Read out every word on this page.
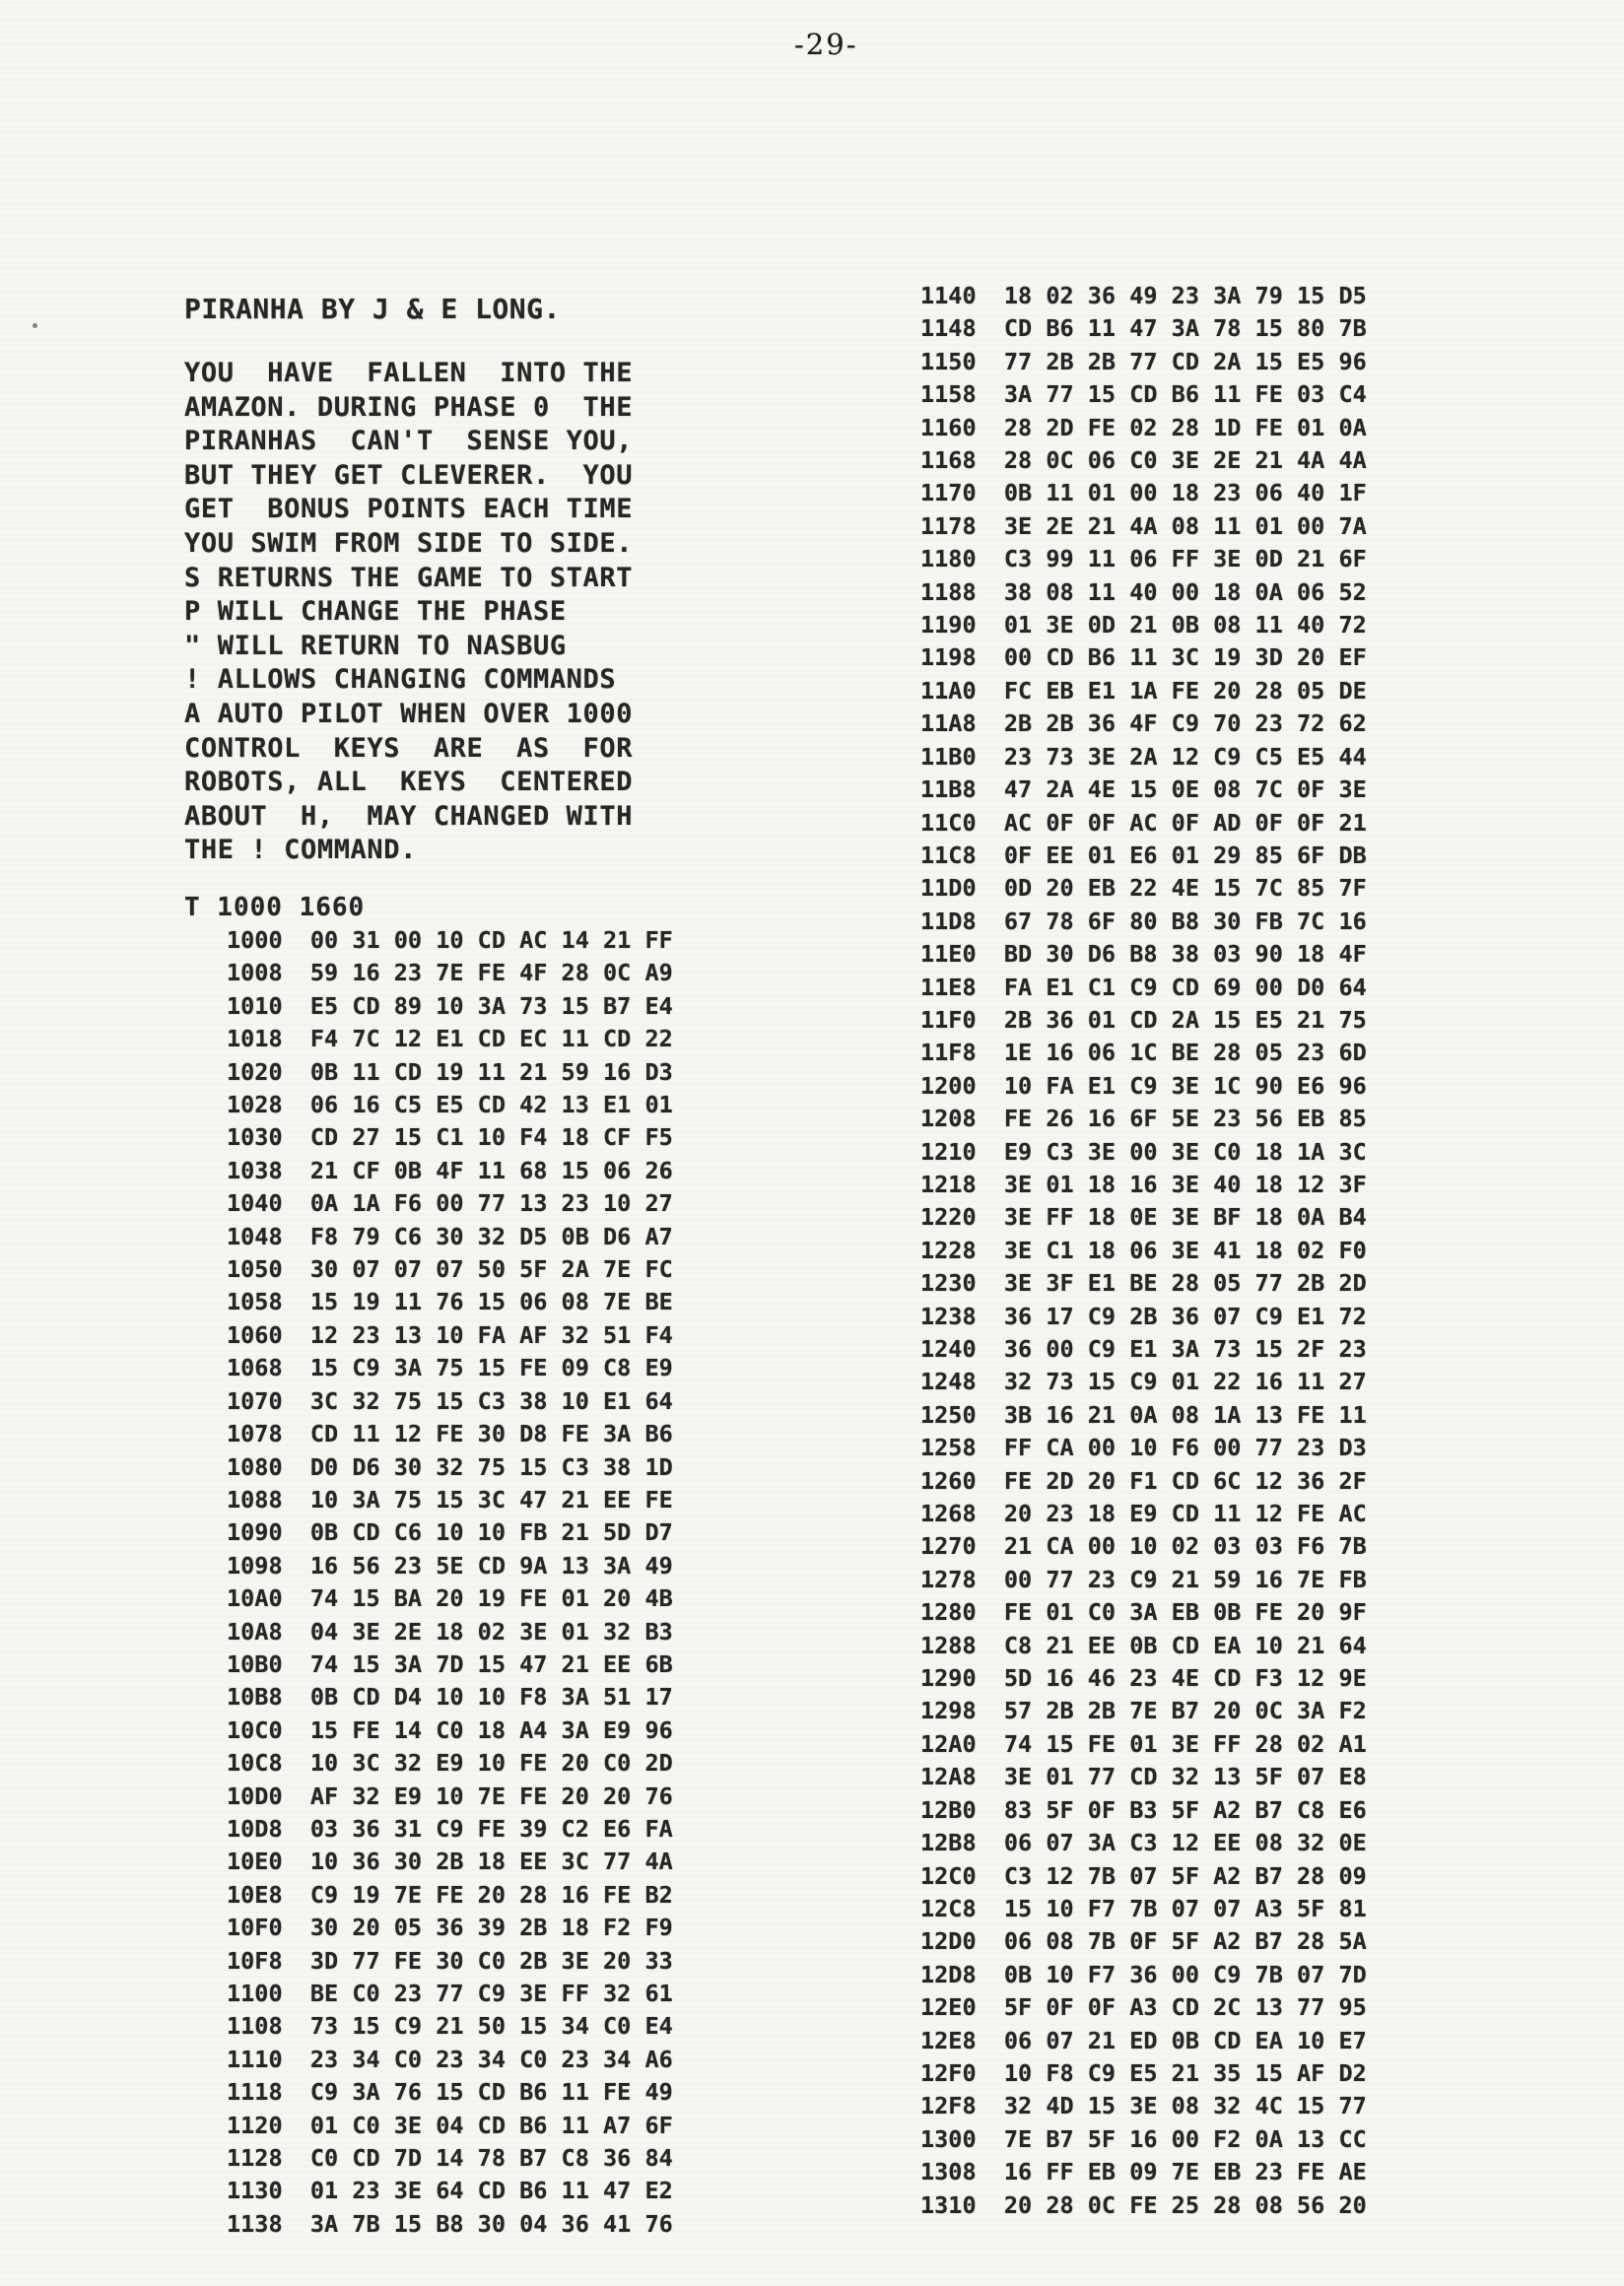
-29-
PIRANHA BY J & E LONG.
YOU  HAVE  FALLEN  INTO THE
AMAZON. DURING PHASE 0  THE
PIRANHAS  CAN'T  SENSE YOU,
BUT THEY GET CLEVERER.  YOU
GET  BONUS POINTS EACH TIME
YOU SWIM FROM SIDE TO SIDE.
S RETURNS THE GAME TO START
P WILL CHANGE THE PHASE
" WILL RETURN TO NASBUG
! ALLOWS CHANGING COMMANDS
A AUTO PILOT WHEN OVER 1000
CONTROL  KEYS  ARE  AS  FOR
ROBOTS, ALL  KEYS  CENTERED
ABOUT  H,  MAY CHANGED WITH
THE ! COMMAND.
T 1000 1660
1000  00 31 00 10 CD AC 14 21 FF
1008  59 16 23 7E FE 4F 28 0C A9
1010  E5 CD 89 10 3A 73 15 B7 E4
1018  F4 7C 12 E1 CD EC 11 CD 22
1020  0B 11 CD 19 11 21 59 16 D3
1028  06 16 C5 E5 CD 42 13 E1 01
1030  CD 27 15 C1 10 F4 18 CF F5
1038  21 CF 0B 4F 11 68 15 06 26
1040  0A 1A F6 00 77 13 23 10 27
1048  F8 79 C6 30 32 D5 0B D6 A7
1050  30 07 07 07 50 5F 2A 7E FC
1058  15 19 11 76 15 06 08 7E BE
1060  12 23 13 10 FA AF 32 51 F4
1068  15 C9 3A 75 15 FE 09 C8 E9
1070  3C 32 75 15 C3 38 10 E1 64
1078  CD 11 12 FE 30 D8 FE 3A B6
1080  D0 D6 30 32 75 15 C3 38 1D
1088  10 3A 75 15 3C 47 21 EE FE
1090  0B CD C6 10 10 FB 21 5D D7
1098  16 56 23 5E CD 9A 13 3A 49
10A0  74 15 BA 20 19 FE 01 20 4B
10A8  04 3E 2E 18 02 3E 01 32 B3
10B0  74 15 3A 7D 15 47 21 EE 6B
10B8  0B CD D4 10 10 F8 3A 51 17
10C0  15 FE 14 C0 18 A4 3A E9 96
10C8  10 3C 32 E9 10 FE 20 C0 2D
10D0  AF 32 E9 10 7E FE 20 20 76
10D8  03 36 31 C9 FE 39 C2 E6 FA
10E0  10 36 30 2B 18 EE 3C 77 4A
10E8  C9 19 7E FE 20 28 16 FE B2
10F0  30 20 05 36 39 2B 18 F2 F9
10F8  3D 77 FE 30 C0 2B 3E 20 33
1100  BE C0 23 77 C9 3E FF 32 61
1108  73 15 C9 21 50 15 34 C0 E4
1110  23 34 C0 23 34 C0 23 34 A6
1118  C9 3A 76 15 CD B6 11 FE 49
1120  01 C0 3E 04 CD B6 11 A7 6F
1128  C0 CD 7D 14 78 B7 C8 36 84
1130  01 23 3E 64 CD B6 11 47 E2
1138  3A 7B 15 B8 30 04 36 41 76
1140  18 02 36 49 23 3A 79 15 D5
1148  CD B6 11 47 3A 78 15 80 7B
1150  77 2B 2B 77 CD 2A 15 E5 96
1158  3A 77 15 CD B6 11 FE 03 C4
1160  28 2D FE 02 28 1D FE 01 0A
1168  28 0C 06 C0 3E 2E 21 4A 4A
1170  0B 11 01 00 18 23 06 40 1F
1178  3E 2E 21 4A 08 11 01 00 7A
1180  C3 99 11 06 FF 3E 0D 21 6F
1188  38 08 11 40 00 18 0A 06 52
1190  01 3E 0D 21 0B 08 11 40 72
1198  00 CD B6 11 3C 19 3D 20 EF
11A0  FC EB E1 1A FE 20 28 05 DE
11A8  2B 2B 36 4F C9 70 23 72 62
11B0  23 73 3E 2A 12 C9 C5 E5 44
11B8  47 2A 4E 15 0E 08 7C 0F 3E
11C0  AC 0F 0F AC 0F AD 0F 0F 21
11C8  0F EE 01 E6 01 29 85 6F DB
11D0  0D 20 EB 22 4E 15 7C 85 7F
11D8  67 78 6F 80 B8 30 FB 7C 16
11E0  BD 30 D6 B8 38 03 90 18 4F
11E8  FA E1 C1 C9 CD 69 00 D0 64
11F0  2B 36 01 CD 2A 15 E5 21 75
11F8  1E 16 06 1C BE 28 05 23 6D
1200  10 FA E1 C9 3E 1C 90 E6 96
1208  FE 26 16 6F 5E 23 56 EB 85
1210  E9 C3 3E 00 3E C0 18 1A 3C
1218  3E 01 18 16 3E 40 18 12 3F
1220  3E FF 18 0E 3E BF 18 0A B4
1228  3E C1 18 06 3E 41 18 02 F0
1230  3E 3F E1 BE 28 05 77 2B 2D
1238  36 17 C9 2B 36 07 C9 E1 72
1240  36 00 C9 E1 3A 73 15 2F 23
1248  32 73 15 C9 01 22 16 11 27
1250  3B 16 21 0A 08 1A 13 FE 11
1258  FF CA 00 10 F6 00 77 23 D3
1260  FE 2D 20 F1 CD 6C 12 36 2F
1268  20 23 18 E9 CD 11 12 FE AC
1270  21 CA 00 10 02 03 03 F6 7B
1278  00 77 23 C9 21 59 16 7E FB
1280  FE 01 C0 3A EB 0B FE 20 9F
1288  C8 21 EE 0B CD EA 10 21 64
1290  5D 16 46 23 4E CD F3 12 9E
1298  57 2B 2B 7E B7 20 0C 3A F2
12A0  74 15 FE 01 3E FF 28 02 A1
12A8  3E 01 77 CD 32 13 5F 07 E8
12B0  83 5F 0F B3 5F A2 B7 C8 E6
12B8  06 07 3A C3 12 EE 08 32 0E
12C0  C3 12 7B 07 5F A2 B7 28 09
12C8  15 10 F7 7B 07 07 A3 5F 81
12D0  06 08 7B 0F 5F A2 B7 28 5A
12D8  0B 10 F7 36 00 C9 7B 07 7D
12E0  5F 0F 0F A3 CD 2C 13 77 95
12E8  06 07 21 ED 0B CD EA 10 E7
12F0  10 F8 C9 E5 21 35 15 AF D2
12F8  32 4D 15 3E 08 32 4C 15 77
1300  7E B7 5F 16 00 F2 0A 13 CC
1308  16 FF EB 09 7E EB 23 FE AE
1310  20 28 0C FE 25 28 08 56 20
